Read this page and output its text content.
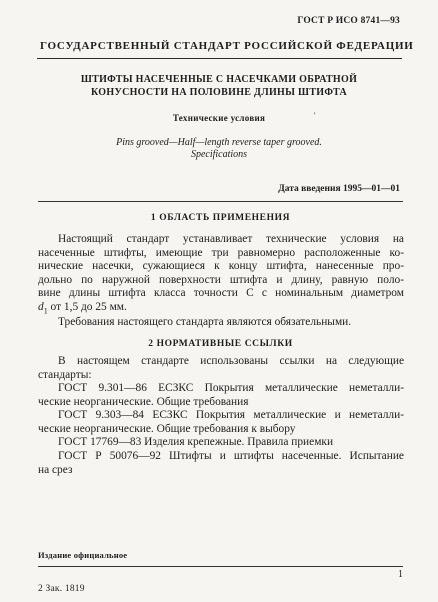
ГОСТ Р ИСО 8741—93
ГОСУДАРСТВЕННЫЙ СТАНДАРТ РОССИЙСКОЙ ФЕДЕРАЦИИ
ШТИФТЫ НАСЕЧЕННЫЕ С НАСЕЧКАМИ ОБРАТНОЙ
КОНУСНОСТИ НА ПОЛОВИНЕ ДЛИНЫ ШТИФТА
Технические условия	'
Pins grooved—Half—length reverse taper grooved.
Specifications
Дата введения 1995—01—01
1 ОБЛАСТЬ ПРИМЕНЕНИЯ
Настоящий стандарт устанавливает технические условия на
насеченные штифты, имеющие три равномерно расположенные ко-
нические насечки, сужающиеся к концу штифта, нанесенные про-
дольно по наружной поверхности штифта и длину, равную поло-
вине длины штифта класса точности С с номинальным диаметром
$d_1$ от 1,5 до 25 мм.
Требования настоящего стандарта являются обязательными.
2 НОРМАТИВНЫЕ ССЫЛКИ
В настоящем стандарте использованы ссылки на следующие
стандарты:
ГОСТ 9.301—86 ЕСЗКС Покрытия металлические неметалли-
ческие неорганические. Общие требования
ГОСТ 9.303—84 ЕСЗКС Покрытия металлические и неметалли-
ческие неорганические. Общие требования к выбору
ГОСТ 17769—83 Изделия крепежные. Правила приемки
ГОСТ Р 50076—92 Штифты и штифты насеченные. Испытание
на срез
Издание официальное
1
2 Зак. 1819
